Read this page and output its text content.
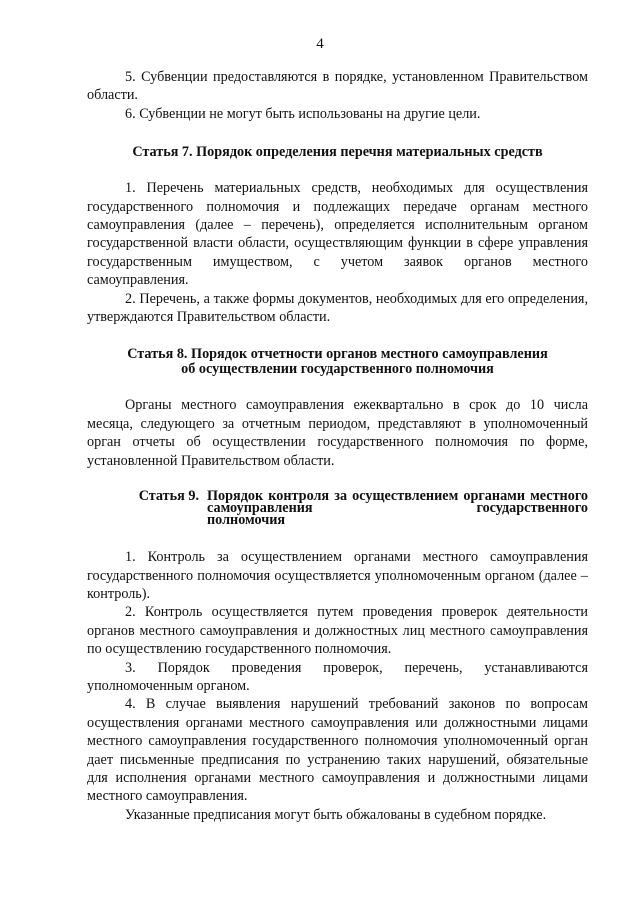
4

5. Субвенции предоставляются в порядке, установленном Правительством области.

6. Субвенции не могут быть использованы на другие цели.

Статья 7. Порядок определения перечня материальных средств

1. Перечень материальных средств, необходимых для осуществления государственного полномочия и подлежащих передаче органам местного самоуправления (далее – перечень), определяется исполнительным органом государственной власти области, осуществляющим функции в сфере управления государственным имуществом, с учетом заявок органов местного самоуправления.

2. Перечень, а также формы документов, необходимых для его определения, утверждаются Правительством области.

Статья 8. Порядок отчетности органов местного самоуправления
об осуществлении государственного полномочия

Органы местного самоуправления ежеквартально в срок до 10 числа месяца, следующего за отчетным периодом, представляют в уполномоченный орган отчеты об осуществлении государственного полномочия по форме, установленной Правительством области.

Статья 9. Порядок контроля за осуществлением органами местного самоуправления государственного
полномочия

1. Контроль за осуществлением органами местного самоуправления государственного полномочия осуществляется уполномоченным органом (далее – контроль).

2. Контроль осуществляется путем проведения проверок деятельности органов местного самоуправления и должностных лиц местного самоуправления по осуществлению государственного полномочия.

3. Порядок проведения проверок, перечень, устанавливаются уполномоченным органом.

4. В случае выявления нарушений требований законов по вопросам осуществления органами местного самоуправления или должностными лицами местного самоуправления государственного полномочия уполномоченный орган дает письменные предписания по устранению таких нарушений, обязательные для исполнения органами местного самоуправления и должностными лицами местного самоуправления.

Указанные предписания могут быть обжалованы в судебном порядке.
